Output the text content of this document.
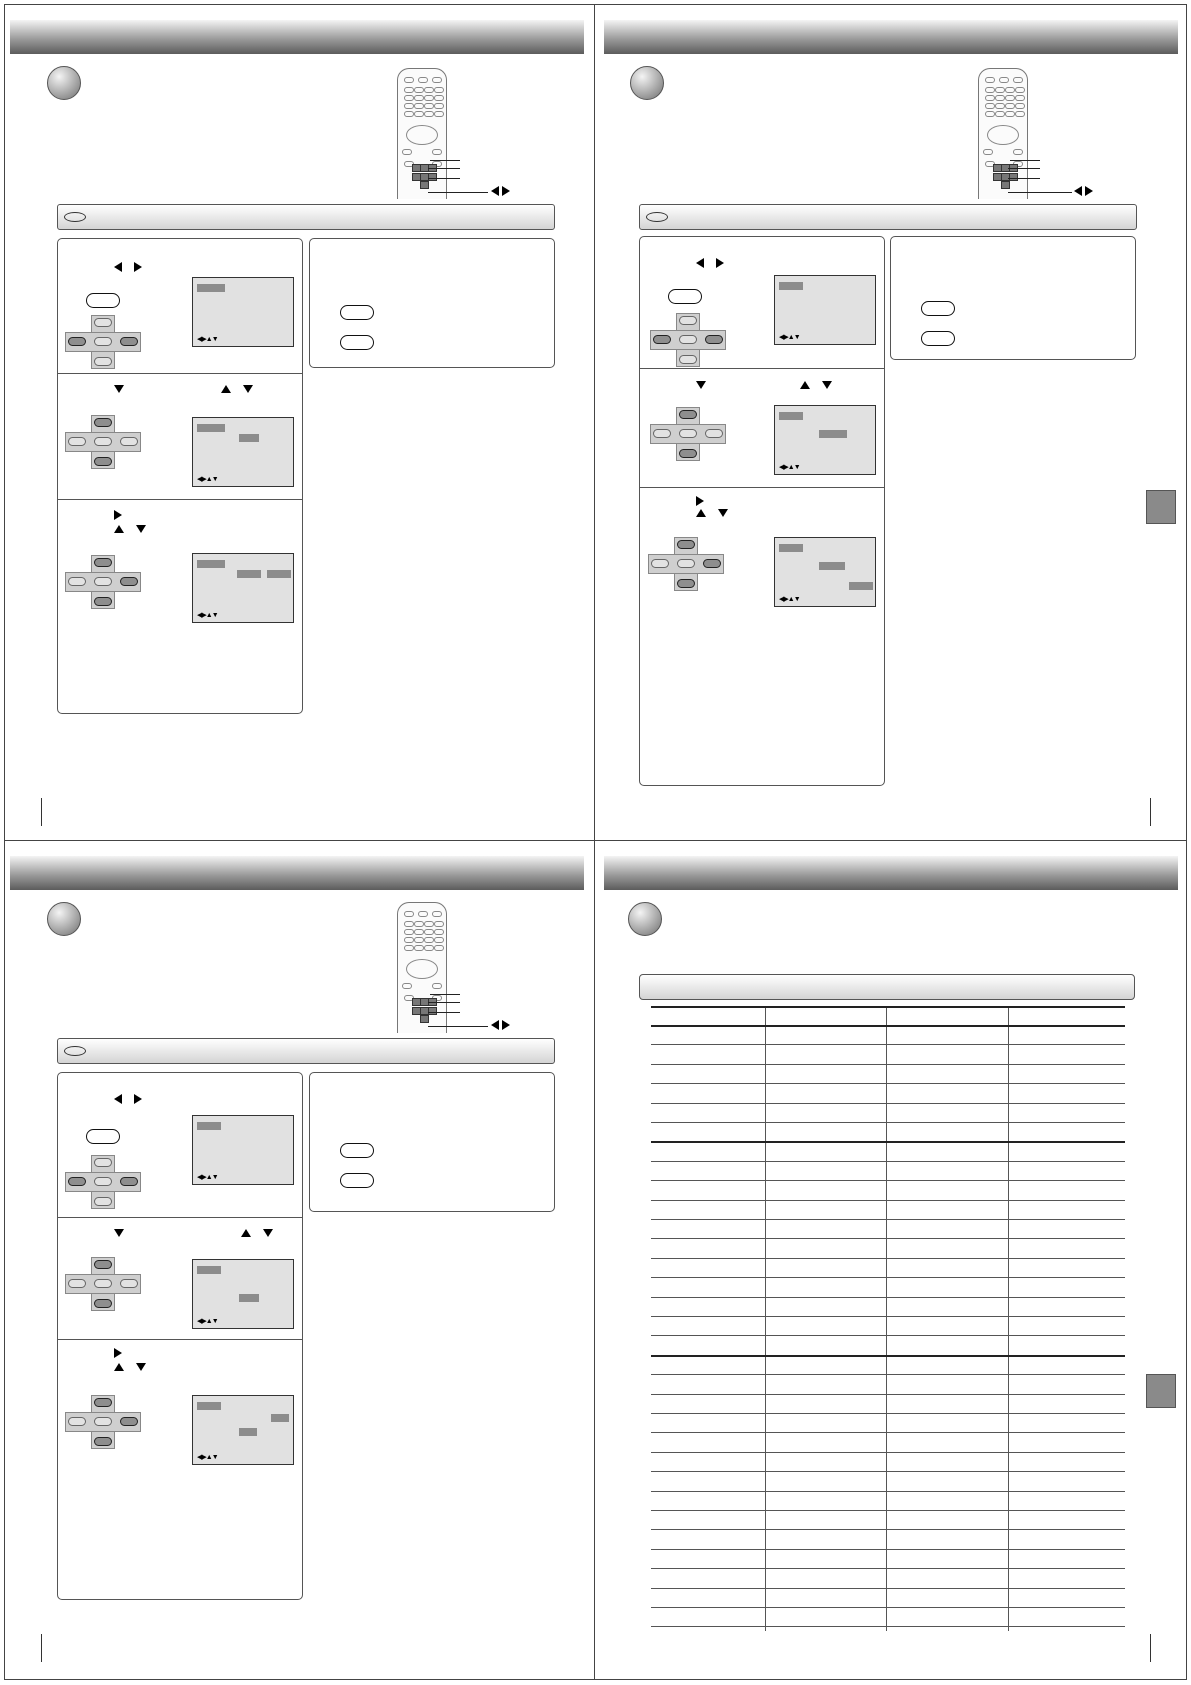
◀▶▲▼

◀▶▲▼

◀▶▲▼

◀▶▲▼

◀▶▲▼

◀▶▲▼

◀▶▲▼

◀▶▲▼

◀▶▲▼
